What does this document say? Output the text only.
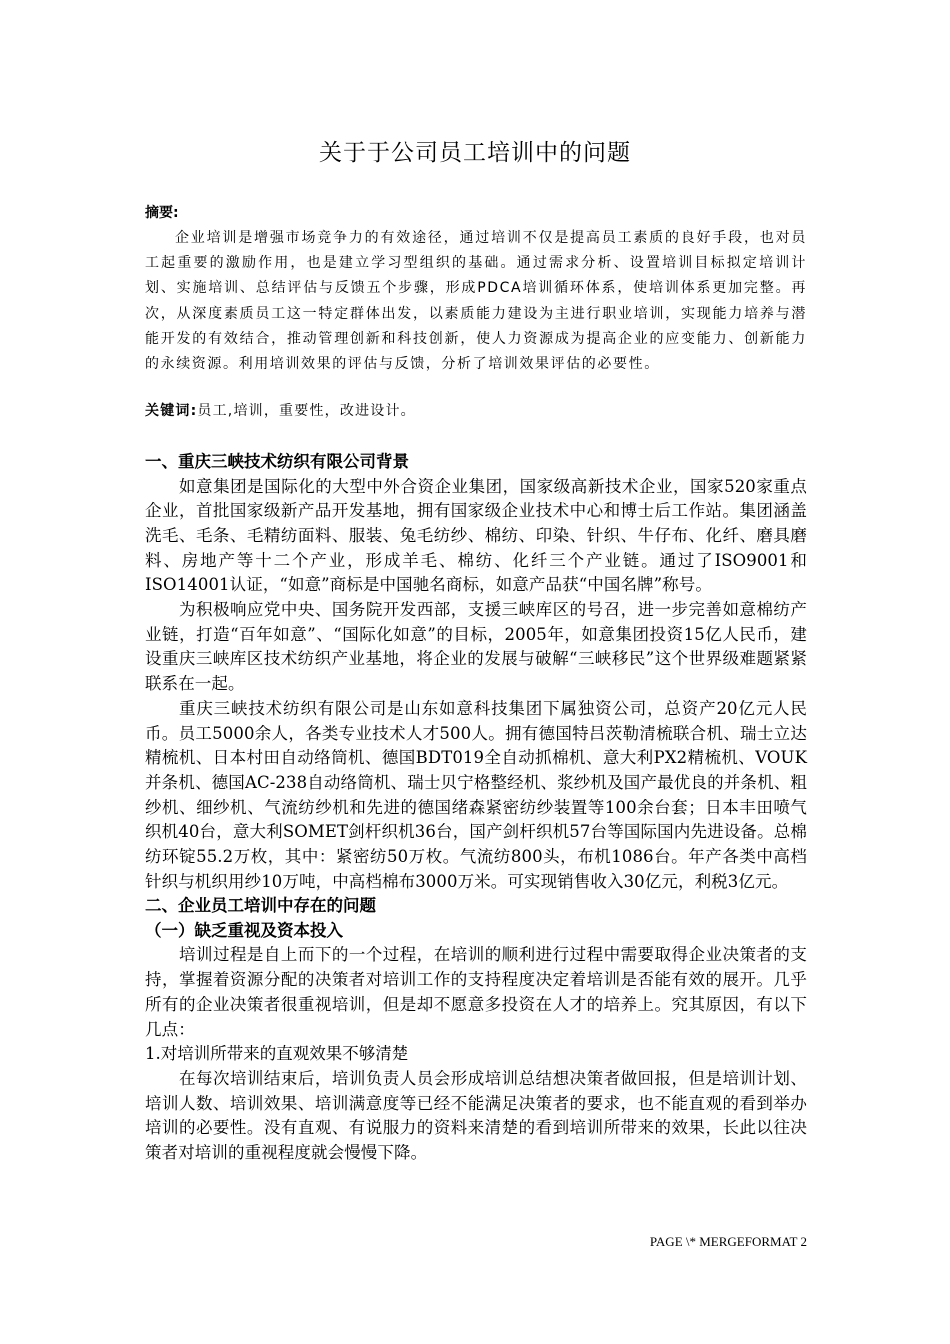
关于于公司员工培训中的问题

摘要:

企业培训是增强市场竞争力的有效途径，通过培训不仅是提高员工素质的良好手段，也对员工起重要的激励作用，也是建立学习型组织的基础。通过需求分析、设置培训目标拟定培训计划、实施培训、总结评估与反馈五个步骤，形成PDCA培训循环体系，使培训体系更加完整。再次，从深度素质员工这一特定群体出发，以素质能力建设为主进行职业培训，实现能力培养与潜能开发的有效结合，推动管理创新和科技创新，使人力资源成为提高企业的应变能力、创新能力的永续资源。利用培训效果的评估与反馈，分析了培训效果评估的必要性。

关键词:员工,培训，重要性，改进设计。

一、重庆三峡技术纺织有限公司背景

如意集团是国际化的大型中外合资企业集团，国家级高新技术企业，国家520家重点企业，首批国家级新产品开发基地，拥有国家级企业技术中心和博士后工作站。集团涵盖洗毛、毛条、毛精纺面料、服装、兔毛纺纱、棉纺、印染、针织、牛仔布、化纤、磨具磨料、房地产等十二个产业，形成羊毛、棉纺、化纤三个产业链。通过了ISO9001和ISO14001认证，“如意”商标是中国驰名商标，如意产品获“中国名牌”称号。

为积极响应党中央、国务院开发西部，支援三峡库区的号召，进一步完善如意棉纺产业链，打造“百年如意”、“国际化如意”的目标，2005年，如意集团投资15亿人民币，建设重庆三峡库区技术纺织产业基地，将企业的发展与破解“三峡移民”这个世界级难题紧紧联系在一起。

重庆三峡技术纺织有限公司是山东如意科技集团下属独资公司，总资产20亿元人民币。员工5000余人，各类专业技术人才500人。拥有德国特吕茨勒清梳联合机、瑞士立达精梳机、日本村田自动络筒机、德国BDT019全自动抓棉机、意大利PX2精梳机、VOUK并条机、德国AC-238自动络筒机、瑞士贝宁格整经机、浆纱机及国产最优良的并条机、粗纱机、细纱机、气流纺纱机和先进的德国绪森紧密纺纱装置等100余台套；日本丰田喷气织机40台，意大利SOMET剑杆织机36台，国产剑杆织机57台等国际国内先进设备。总棉纺环锭55.2万枚，其中：紧密纺50万枚。气流纺800头，布机1086台。年产各类中高档针织与机织用纱10万吨，中高档棉布3000万米。可实现销售收入30亿元，利税3亿元。

二、企业员工培训中存在的问题
（一）缺乏重视及资本投入

培训过程是自上而下的一个过程，在培训的顺利进行过程中需要取得企业决策者的支持，掌握着资源分配的决策者对培训工作的支持程度决定着培训是否能有效的展开。几乎所有的企业决策者很重视培训，但是却不愿意多投资在人才的培养上。究其原因，有以下几点：

1.对培训所带来的直观效果不够清楚

在每次培训结束后，培训负责人员会形成培训总结想决策者做回报，但是培训计划、培训人数、培训效果、培训满意度等已经不能满足决策者的要求，也不能直观的看到举办培训的必要性。没有直观、有说服力的资料来清楚的看到培训所带来的效果，长此以往决策者对培训的重视程度就会慢慢下降。

PAGE \* MERGEFORMAT 2
